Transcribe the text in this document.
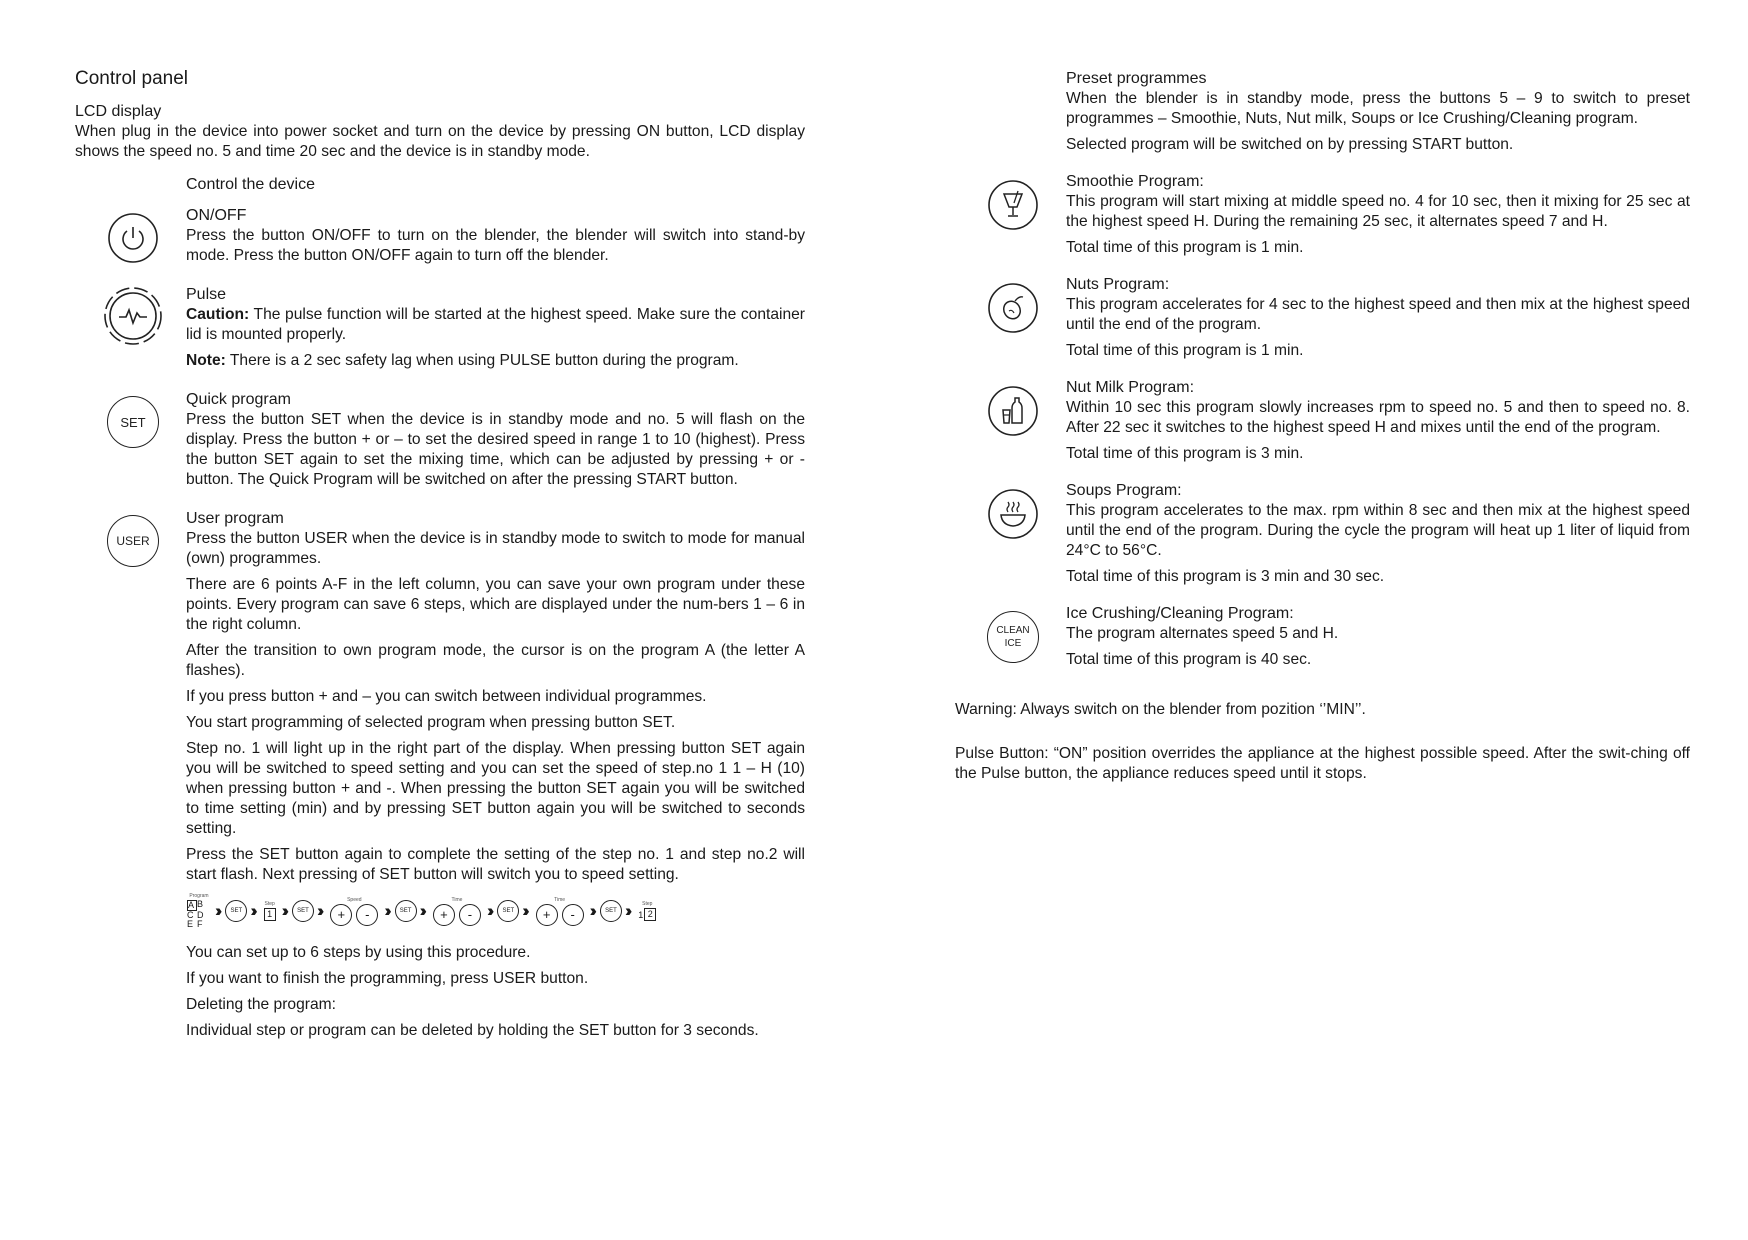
Control panel
LCD display

When plug in the device into power socket and turn on the device by pressing ON button, LCD display shows the speed no. 5 and time 20 sec and the device is in standby mode.

Control the device
ON/OFF

Press the button ON/OFF to turn on the blender, the blender will switch into stand-by mode. Press the button ON/OFF again to turn off the blender.

Pulse

Caution: The pulse function will be started at the highest speed. Make sure the container lid is mounted properly.

Note: There is a 2 sec safety lag when using PULSE button during the program.

SET
Quick program

Press the button SET when the device is in standby mode and no. 5 will flash on the display. Press the button + or – to set the desired speed in range 1 to 10 (highest). Press the button SET again to set the mixing time, which can be adjusted by pressing + or - button. The Quick Program will be switched on after the pressing START button.

USER
User program

Press the button USER when the device is in standby mode to switch to mode for manual (own) programmes.

There are 6 points A-F in the left column, you can save your own program under these points. Every program can save 6 steps, which are displayed under the num-bers 1 – 6 in the right column.

After the transition to own program mode, the cursor is on the program A (the letter A flashes).

If you press button + and – you can switch between individual programmes.

You start programming of selected program when pressing button SET.

Step no. 1 will light up in the right part of the display. When pressing button SET again you will be switched to speed setting and you can set the speed of step.no 1 1 – H (10) when pressing button + and -. When pressing the button SET again you will be switched to time setting (min) and by pressing SET button again you will be switched to seconds setting.

Press the SET button again to complete the setting of the step no. 1 and step no.2 will start flash. Next pressing of SET button will switch you to speed setting.

Program
A B
C D
E F
››	SET ››	Step
1 ››	SET ››
Speed
+	- ››	SET ››
Time
+	- ››	SET ››
Time
+	- ››	SET ››	Step
1 2

You can set up to 6 steps by using this procedure.

If you want to finish the programming, press USER button.

Deleting the program:

Individual step or program can be deleted by holding the SET button for 3 seconds.

Preset programmes

When the blender is in standby mode, press the buttons 5 – 9 to switch to preset programmes – Smoothie, Nuts, Nut milk, Soups or Ice Crushing/Cleaning program.

Selected program will be switched on by pressing START button.

Smoothie Program:

This program will start mixing at middle speed no. 4 for 10 sec, then it mixing for 25 sec at the highest speed H. During the remaining 25 sec, it alternates speed 7 and H.

Total time of this program is 1 min.

Nuts Program:

This program accelerates for 4 sec to the highest speed and then mix at the highest speed until the end of the program.

Total time of this program is 1 min.

Nut Milk Program:

Within 10 sec this program slowly increases rpm to speed no. 5 and then to speed no. 8. After 22 sec it switches to the highest speed H and mixes until the end of the program.

Total time of this program is 3 min.

Soups Program:

This program accelerates to the max. rpm within 8 sec and then mix at the highest speed until the end of the program. During the cycle the program will heat up 1 liter of liquid from 24°C to 56°C.

Total time of this program is 3 min and 30 sec.

CLEAN
ICE
Ice Crushing/Cleaning Program:

The program alternates speed 5 and H.

Total time of this program is 40 sec.

Warning: Always switch on the blender from pozition ‘’MIN’’.

Pulse Button: “ON” position overrides the appliance at the highest possible speed. After the swit-ching off the Pulse button, the appliance reduces speed until it stops.
